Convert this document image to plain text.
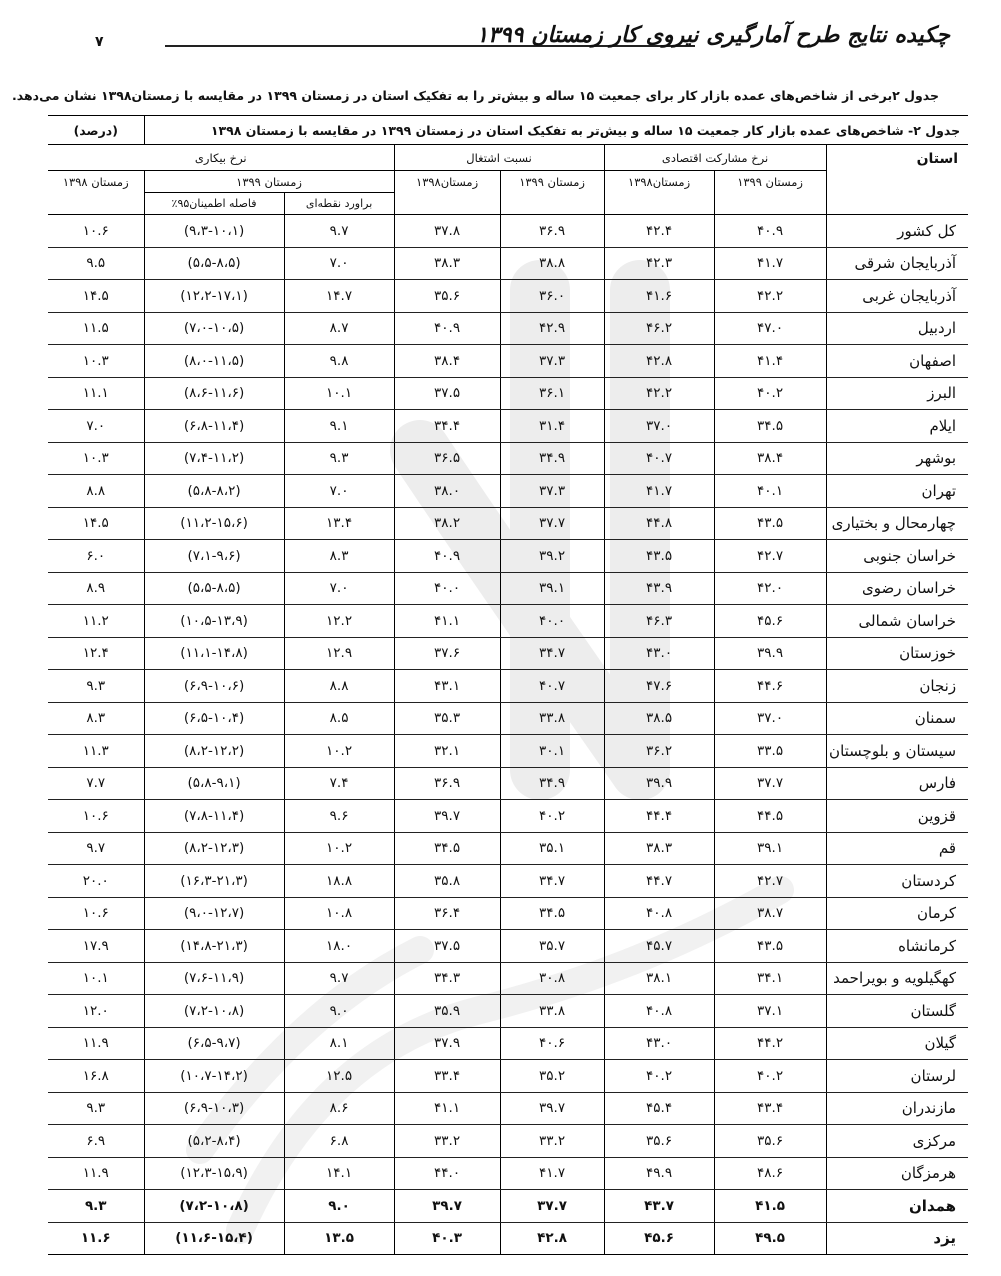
۷	چکیده نتایج طرح آمارگیری نیروی کار زمستان ۱۳۹۹
جدول ۲برخی از شاخص‌های عمده بازار کار برای جمعیت ۱۵ ساله و بیش‌تر را به تفکیک استان در زمستان ۱۳۹۹ در مقایسه با زمستان۱۳۹۸ نشان می‌دهد.
جدول ۲- شاخص‌های عمده بازار کار جمعیت ۱۵ ساله و بیش‌تر به تفکیک استان در زمستان ۱۳۹۹ در مقایسه با زمستان ۱۳۹۸							(درصد)
استان	نرخ مشارکت اقتصادی		نسبت اشتغال		نرخ بیکاری		
	زمستان ۱۳۹۹	زمستان۱۳۹۸	زمستان ۱۳۹۹	زمستان۱۳۹۸	زمستان ۱۳۹۹		زمستان ۱۳۹۸
					براورد نقطه‌ای	فاصله اطمینان۹۵٪	
کل کشور	۴۰.۹	۴۲.۴	۳۶.۹	۳۷.۸	۹.۷	(۹،۳-۱۰،۱)	۱۰.۶
آذربایجان شرقی	۴۱.۷	۴۲.۳	۳۸.۸	۳۸.۳	۷.۰	(۵،۵-۸،۵)	۹.۵
آذربایجان غربی	۴۲.۲	۴۱.۶	۳۶.۰	۳۵.۶	۱۴.۷	(۱۲،۲-۱۷،۱)	۱۴.۵
اردبیل	۴۷.۰	۴۶.۲	۴۲.۹	۴۰.۹	۸.۷	(۷،۰-۱۰،۵)	۱۱.۵
اصفهان	۴۱.۴	۴۲.۸	۳۷.۳	۳۸.۴	۹.۸	(۸،۰-۱۱،۵)	۱۰.۳
البرز	۴۰.۲	۴۲.۲	۳۶.۱	۳۷.۵	۱۰.۱	(۸،۶-۱۱،۶)	۱۱.۱
ایلام	۳۴.۵	۳۷.۰	۳۱.۴	۳۴.۴	۹.۱	(۶،۸-۱۱،۴)	۷.۰
بوشهر	۳۸.۴	۴۰.۷	۳۴.۹	۳۶.۵	۹.۳	(۷،۴-۱۱،۲)	۱۰.۳
تهران	۴۰.۱	۴۱.۷	۳۷.۳	۳۸.۰	۷.۰	(۵،۸-۸،۲)	۸.۸
چهارمحال و بختیاری	۴۳.۵	۴۴.۸	۳۷.۷	۳۸.۲	۱۳.۴	(۱۱،۲-۱۵،۶)	۱۴.۵
خراسان جنوبی	۴۲.۷	۴۳.۵	۳۹.۲	۴۰.۹	۸.۳	(۷،۱-۹،۶)	۶.۰
خراسان رضوی	۴۲.۰	۴۳.۹	۳۹.۱	۴۰.۰	۷.۰	(۵،۵-۸،۵)	۸.۹
خراسان شمالی	۴۵.۶	۴۶.۳	۴۰.۰	۴۱.۱	۱۲.۲	(۱۰،۵-۱۳،۹)	۱۱.۲
خوزستان	۳۹.۹	۴۳.۰	۳۴.۷	۳۷.۶	۱۲.۹	(۱۱،۱-۱۴،۸)	۱۲.۴
زنجان	۴۴.۶	۴۷.۶	۴۰.۷	۴۳.۱	۸.۸	(۶،۹-۱۰،۶)	۹.۳
سمنان	۳۷.۰	۳۸.۵	۳۳.۸	۳۵.۳	۸.۵	(۶،۵-۱۰،۴)	۸.۳
سیستان و بلوچستان	۳۳.۵	۳۶.۲	۳۰.۱	۳۲.۱	۱۰.۲	(۸،۲-۱۲،۲)	۱۱.۳
فارس	۳۷.۷	۳۹.۹	۳۴.۹	۳۶.۹	۷.۴	(۵،۸-۹،۱)	۷.۷
قزوین	۴۴.۵	۴۴.۴	۴۰.۲	۳۹.۷	۹.۶	(۷،۸-۱۱،۴)	۱۰.۶
قم	۳۹.۱	۳۸.۳	۳۵.۱	۳۴.۵	۱۰.۲	(۸،۲-۱۲،۳)	۹.۷
کردستان	۴۲.۷	۴۴.۷	۳۴.۷	۳۵.۸	۱۸.۸	(۱۶،۳-۲۱،۳)	۲۰.۰
کرمان	۳۸.۷	۴۰.۸	۳۴.۵	۳۶.۴	۱۰.۸	(۹،۰-۱۲،۷)	۱۰.۶
کرمانشاه	۴۳.۵	۴۵.۷	۳۵.۷	۳۷.۵	۱۸.۰	(۱۴،۸-۲۱،۳)	۱۷.۹
کهگیلویه و بویراحمد	۳۴.۱	۳۸.۱	۳۰.۸	۳۴.۳	۹.۷	(۷،۶-۱۱،۹)	۱۰.۱
گلستان	۳۷.۱	۴۰.۸	۳۳.۸	۳۵.۹	۹.۰	(۷،۲-۱۰،۸)	۱۲.۰
گیلان	۴۴.۲	۴۳.۰	۴۰.۶	۳۷.۹	۸.۱	(۶،۵-۹،۷)	۱۱.۹
لرستان	۴۰.۲	۴۰.۲	۳۵.۲	۳۳.۴	۱۲.۵	(۱۰،۷-۱۴،۲)	۱۶.۸
مازندران	۴۳.۴	۴۵.۴	۳۹.۷	۴۱.۱	۸.۶	(۶،۹-۱۰،۳)	۹.۳
مرکزی	۳۵.۶	۳۵.۶	۳۳.۲	۳۳.۲	۶.۸	(۵،۲-۸،۴)	۶.۹
هرمزگان	۴۸.۶	۴۹.۹	۴۱.۷	۴۴.۰	۱۴.۱	(۱۲،۳-۱۵،۹)	۱۱.۹
همدان	۴۱.۵	۴۳.۷	۳۷.۷	۳۹.۷	۹.۰	(۷،۲-۱۰،۸)	۹.۳
یزد	۴۹.۵	۴۵.۶	۴۲.۸	۴۰.۳	۱۳.۵	(۱۱،۶-۱۵،۴)	۱۱.۶
